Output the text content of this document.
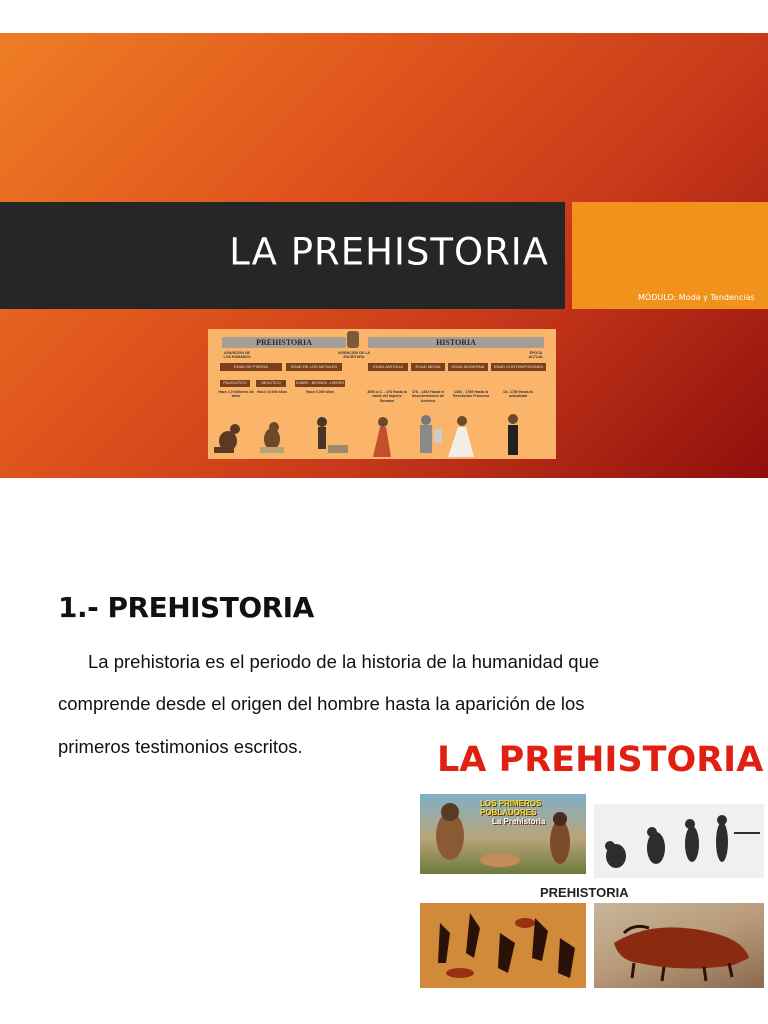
LA PREHISTORIA
MÓDULO: Moda y Tendencias
PREHISTORIA	HISTORIA
APARICIÓN DE LOS HUMANOS
INVENCIÓN DE LA ESCRITURA
ÉPOCA ACTUAL
EDAD DE PIEDRA	EDAD DE LOS METALES	EDAD ANTIGUA	EDAD MEDIA	EDAD MODERNA	EDAD CONTEMPORÁNEA
PALEOLÍTICO	NEOLÍTICO	COBRE - BRONCE - HIERRO
Hace 2,5 millones de años
Hace 10.000 años	Hace 6.000 años	3000 a.C. - 476 Hasta la caída del Imperio Romano
476 - 1492 Hasta el descubrimiento de América
1492 - 1789 Hasta la Revolución Francesa
Dc. 1789 Hasta la actualidad
1.- PREHISTORIA
La prehistoria es el periodo de la historia de la humanidad que
comprende desde el origen del hombre hasta la aparición de los
primeros testimonios escritos.	LA PREHISTORIA
LOS PRIMEROS POBLADORES
La Prehistoria
PREHISTORIA
